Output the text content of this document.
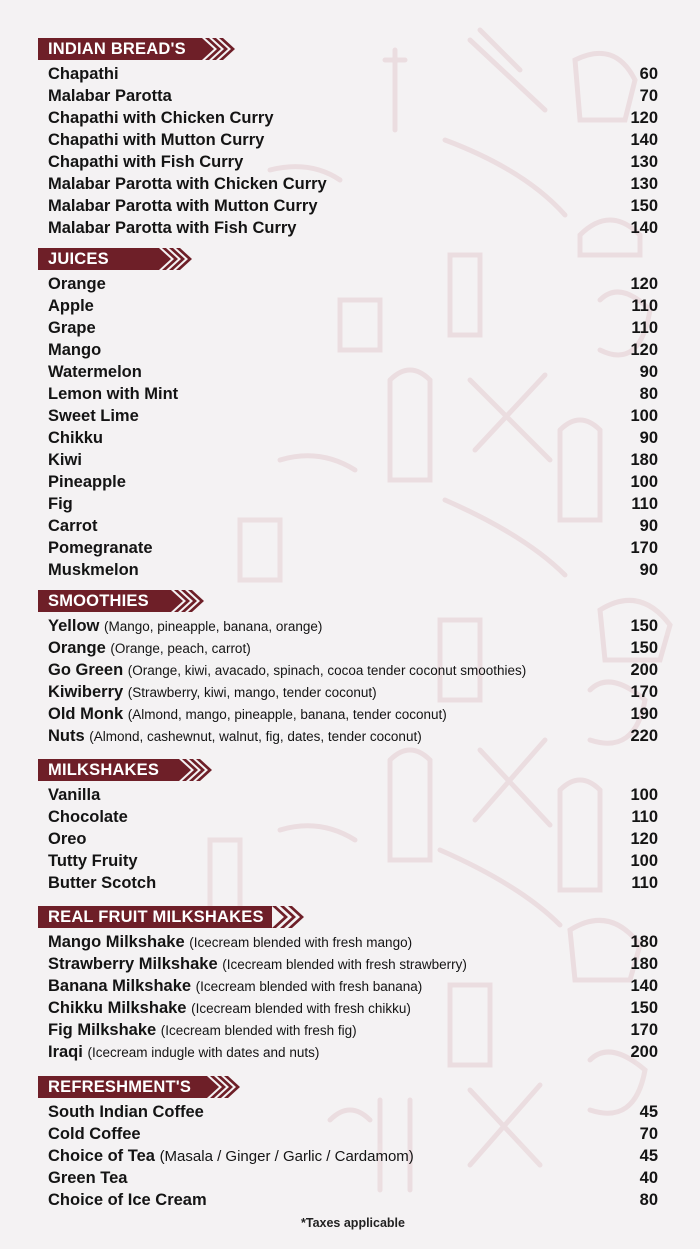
INDIAN BREAD'S
Chapathi	60
Malabar Parotta	70
Chapathi with Chicken Curry	120
Chapathi with Mutton Curry	140
Chapathi with Fish Curry	130
Malabar Parotta with Chicken Curry	130
Malabar Parotta with Mutton Curry	150
Malabar Parotta with Fish Curry	140
JUICES
Orange	120
Apple	110
Grape	110
Mango	120
Watermelon	90
Lemon with Mint	80
Sweet Lime	100
Chikku	90
Kiwi	180
Pineapple	100
Fig	110
Carrot	90
Pomegranate	170
Muskmelon	90
SMOOTHIES
Yellow (Mango, pineapple, banana, orange)	150
Orange (Orange, peach, carrot)	150
Go Green (Orange, kiwi, avacado, spinach, cocoa tender coconut smoothies)	200
Kiwiberry (Strawberry, kiwi, mango, tender coconut)	170
Old Monk (Almond, mango, pineapple, banana, tender coconut)	190
Nuts (Almond, cashewnut, walnut, fig, dates, tender coconut)	220
MILKSHAKES
Vanilla	100
Chocolate	110
Oreo	120
Tutty Fruity	100
Butter Scotch	110
REAL FRUIT MILKSHAKES
Mango Milkshake (Icecream blended with fresh mango)	180
Strawberry Milkshake (Icecream blended with fresh strawberry)	180
Banana Milkshake (Icecream blended with fresh banana)	140
Chikku Milkshake (Icecream blended with fresh chikku)	150
Fig Milkshake (Icecream blended with fresh fig)	170
Iraqi (Icecream indugle with dates and nuts)	200
REFRESHMENT'S
South Indian Coffee	45
Cold Coffee	70
Choice of Tea (Masala / Ginger / Garlic / Cardamom)	45
Green Tea	40
Choice of Ice Cream	80
*Taxes applicable
